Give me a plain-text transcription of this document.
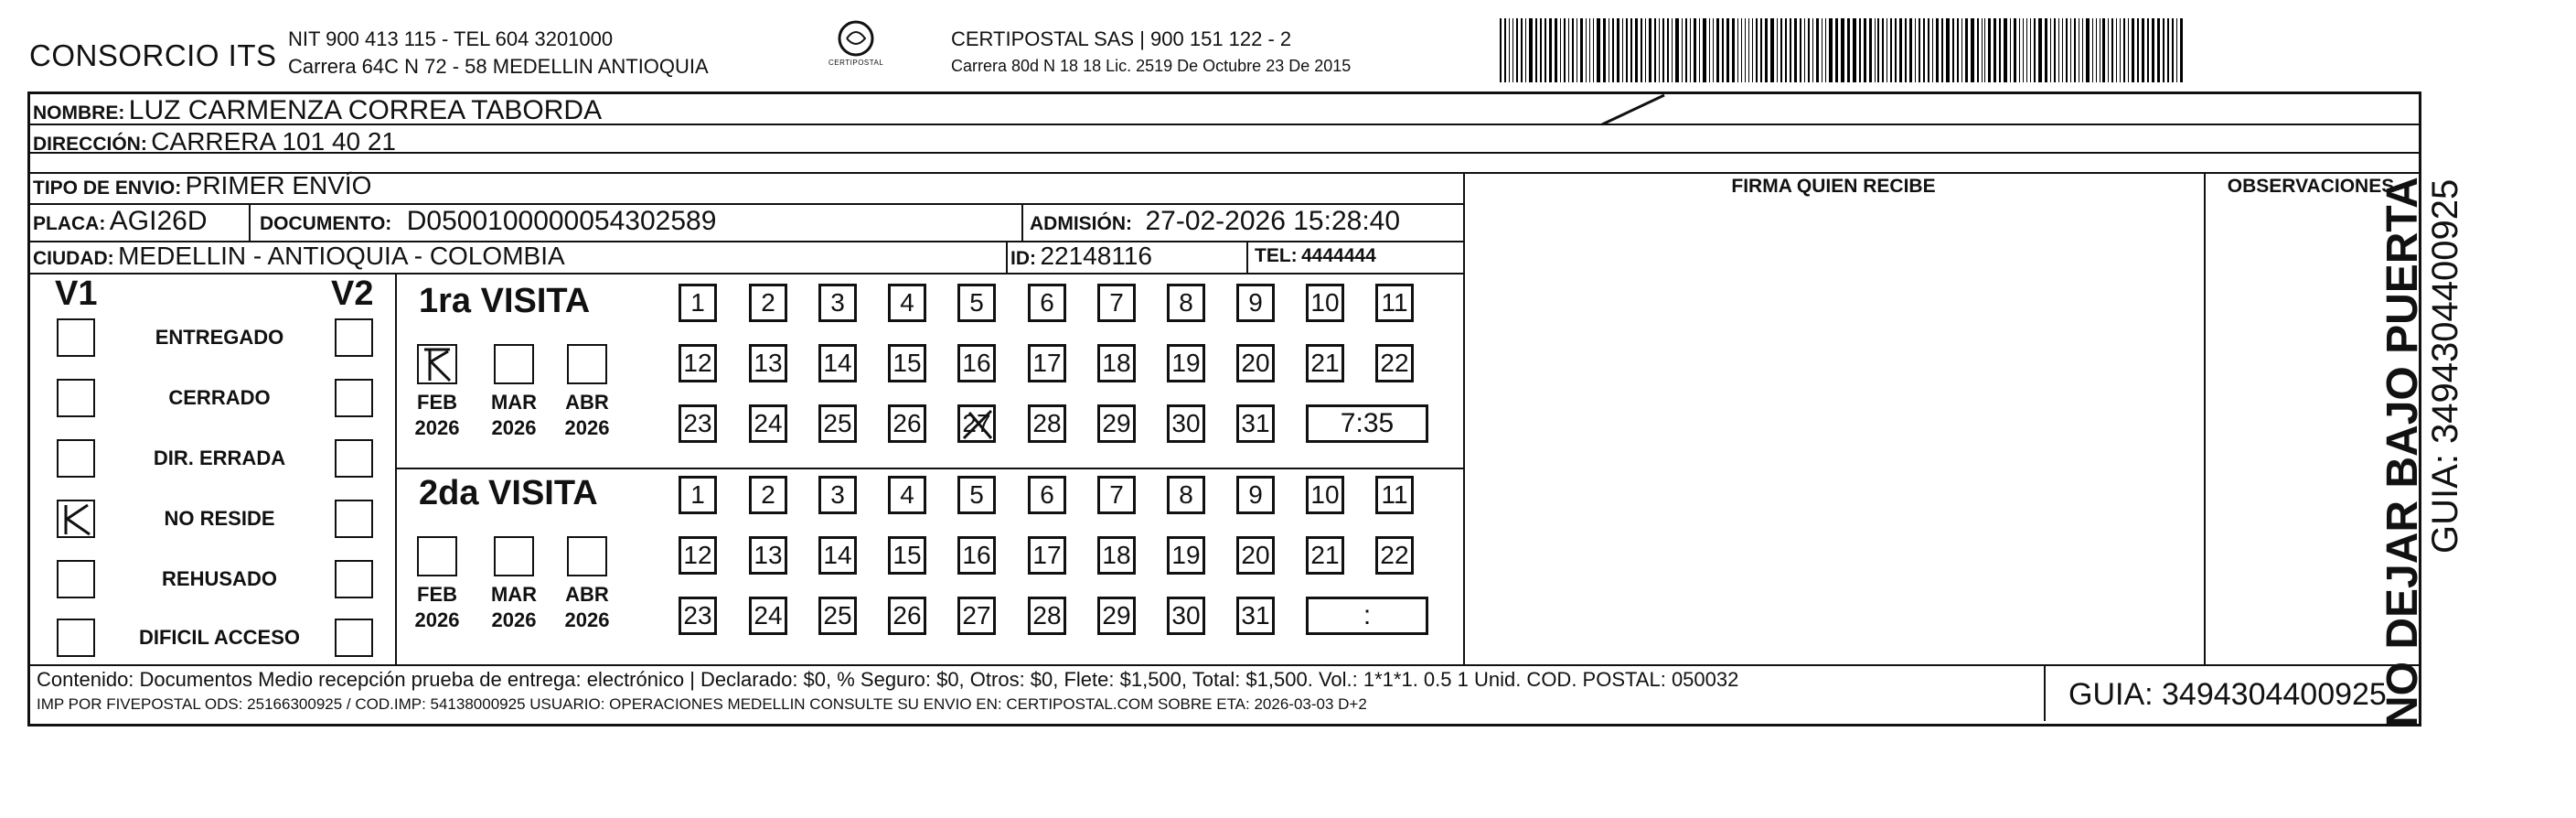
CONSORCIO ITS NIT 900 413 115 - TEL 604 3201000
Carrera 64C N 72 - 58 MEDELLIN ANTIOQUIA	CERTIPOSTAL
CERTIPOSTAL SAS | 900 151 122 - 2
Carrera 80d N 18 18 Lic. 2519 De Octubre 23 De 2015
NOMBRE: LUZ CARMENZA CORREA TABORDA
DIRECCIÓN: CARRERA 101 40 21
TIPO DE ENVIO: PRIMER ENVÍO
PLACA: AGI26D	DOCUMENTO: D0500100000054302589	ADMISIÓN: 27-02-2026 15:28:40
CIUDAD: MEDELLIN - ANTIOQUIA - COLOMBIA	ID: 22148116	TEL: 4444444
FIRMA QUIEN RECIBE	OBSERVACIONES
V1	V2
ENTREGADO
CERRADO
DIR. ERRADA
NO RESIDE
REHUSADO
DIFICIL ACCESO
1ra VISITA
2da VISITA
FEB
2026
MAR
2026
ABR
2026
1 2 3 4 5 6 7 8 9 10 11
12 13 14 15 16 17 18 19 20 21 22
23 24 25 26 27 28 29 30 31	7:35
FEB
2026
MAR
2026
ABR
2026
1 2 3 4 5 6 7 8 9 10 11
12 13 14 15 16 17 18 19 20 21 22
23 24 25 26 27 28 29 30 31	:
Contenido: Documentos Medio recepción prueba de entrega: electrónico | Declarado: $0, % Seguro: $0, Otros: $0, Flete: $1,500, Total: $1,500. Vol.: 1*1*1. 0.5 1 Unid. COD. POSTAL: 050032
IMP POR FIVEPOSTAL ODS: 25166300925 / COD.IMP: 54138000925 USUARIO: OPERACIONES MEDELLIN CONSULTE SU ENVIO EN: CERTIPOSTAL.COM SOBRE ETA: 2026-03-03 D+2	GUIA: 3494304400925
NO DEJAR BAJO PUERTA
GUIA: 3494304400925
